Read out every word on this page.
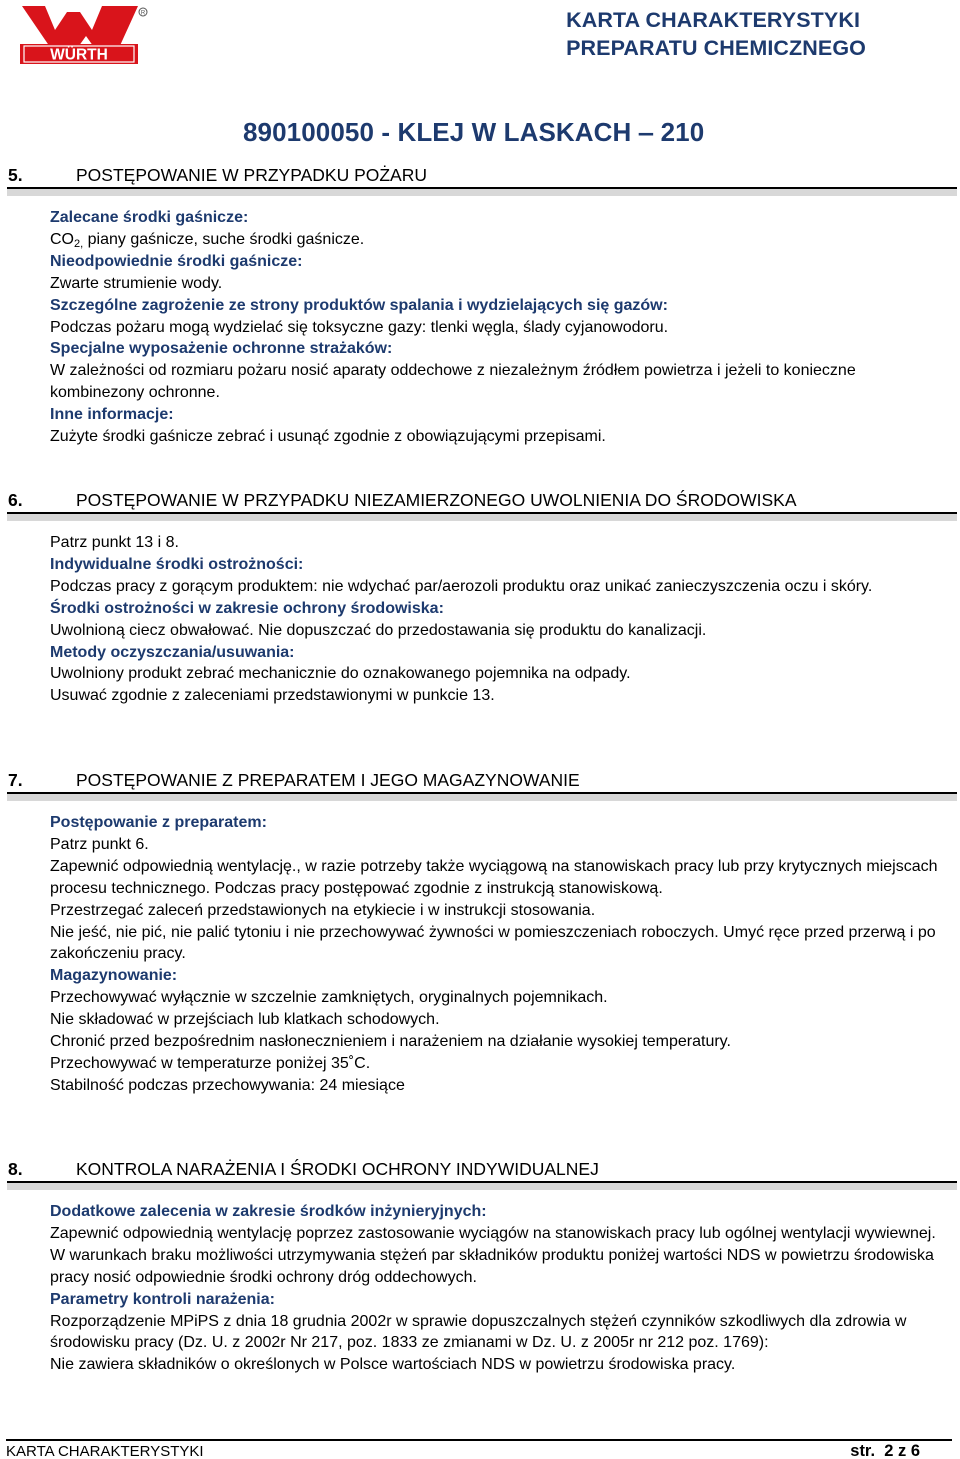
WÜRTH
R	KARTA CHARAKTERYSTYKI
PREPARATU CHEMICZNEGO
890100050 - KLEJ W LASKACH ‒ 210
5.	POSTĘPOWANIE W PRZYPADKU POŻARU

Zalecane środki gaśnicze:

$CO_{2,}$ piany gaśnicze, suche środki gaśnicze.

Nieodpowiednie środki gaśnicze:

Zwarte strumienie wody.

Szczególne zagrożenie ze strony produktów spalania i wydzielających się gazów:

Podczas pożaru mogą wydzielać się toksyczne gazy: tlenki węgla, ślady cyjanowodoru.

Specjalne wyposażenie ochronne strażaków:

W zależności od rozmiaru pożaru nosić aparaty oddechowe z niezależnym źródłem powietrza i jeżeli to konieczne kombinezony ochronne.

Inne informacje:

Zużyte środki gaśnicze zebrać i usunąć zgodnie z obowiązującymi przepisami.

6.	POSTĘPOWANIE W PRZYPADKU NIEZAMIERZONEGO UWOLNIENIA DO ŚRODOWISKA

Patrz punkt 13 i 8.

Indywidualne środki ostrożności:

Podczas pracy z gorącym produktem: nie wdychać par/aerozoli produktu oraz unikać zanieczyszczenia oczu i skóry.

Środki ostrożności w zakresie ochrony środowiska:

Uwolnioną ciecz obwałować. Nie dopuszczać do przedostawania się produktu do kanalizacji.

Metody oczyszczania/usuwania:

Uwolniony produkt zebrać mechanicznie do oznakowanego pojemnika na odpady.

Usuwać zgodnie z zaleceniami przedstawionymi w punkcie 13.

7.	POSTĘPOWANIE Z PREPARATEM I JEGO MAGAZYNOWANIE

Postępowanie z preparatem:

Patrz punkt 6.

Zapewnić odpowiednią wentylację., w razie potrzeby także wyciągową na stanowiskach pracy lub przy krytycznych miejscach procesu technicznego. Podczas pracy postępować zgodnie z instrukcją stanowiskową.

Przestrzegać zaleceń przedstawionych na etykiecie i w instrukcji stosowania.

Nie jeść, nie pić, nie palić tytoniu i nie przechowywać żywności w pomieszczeniach roboczych. Umyć ręce przed przerwą i po zakończeniu pracy.

Magazynowanie:

Przechowywać wyłącznie w szczelnie zamkniętych, oryginalnych pojemnikach.

Nie składować w przejściach lub klatkach schodowych.

Chronić przed bezpośrednim nasłonecznieniem i narażeniem na działanie wysokiej temperatury.

Przechowywać w temperaturze poniżej 35˚C.

Stabilność podczas przechowywania: 24 miesiące

8.	KONTROLA NARAŻENIA I ŚRODKI OCHRONY INDYWIDUALNEJ

Dodatkowe zalecenia w zakresie środków inżynieryjnych:

Zapewnić odpowiednią wentylację poprzez zastosowanie wyciągów na stanowiskach pracy lub ogólnej wentylacji wywiewnej.

W warunkach braku możliwości utrzymywania stężeń par składników produktu poniżej wartości NDS w powietrzu środowiska pracy nosić odpowiednie środki ochrony dróg oddechowych.

Parametry kontroli narażenia:

Rozporządzenie MPiPS z dnia 18 grudnia 2002r w sprawie dopuszczalnych stężeń czynników szkodliwych dla zdrowia w środowisku pracy (Dz. U. z 2002r Nr 217, poz. 1833 ze zmianami w Dz. U. z 2005r nr 212 poz. 1769):

Nie zawiera składników o określonych w Polsce wartościach NDS w powietrzu środowiska pracy.

KARTA CHARAKTERYSTYKI	str. 2 z 6
